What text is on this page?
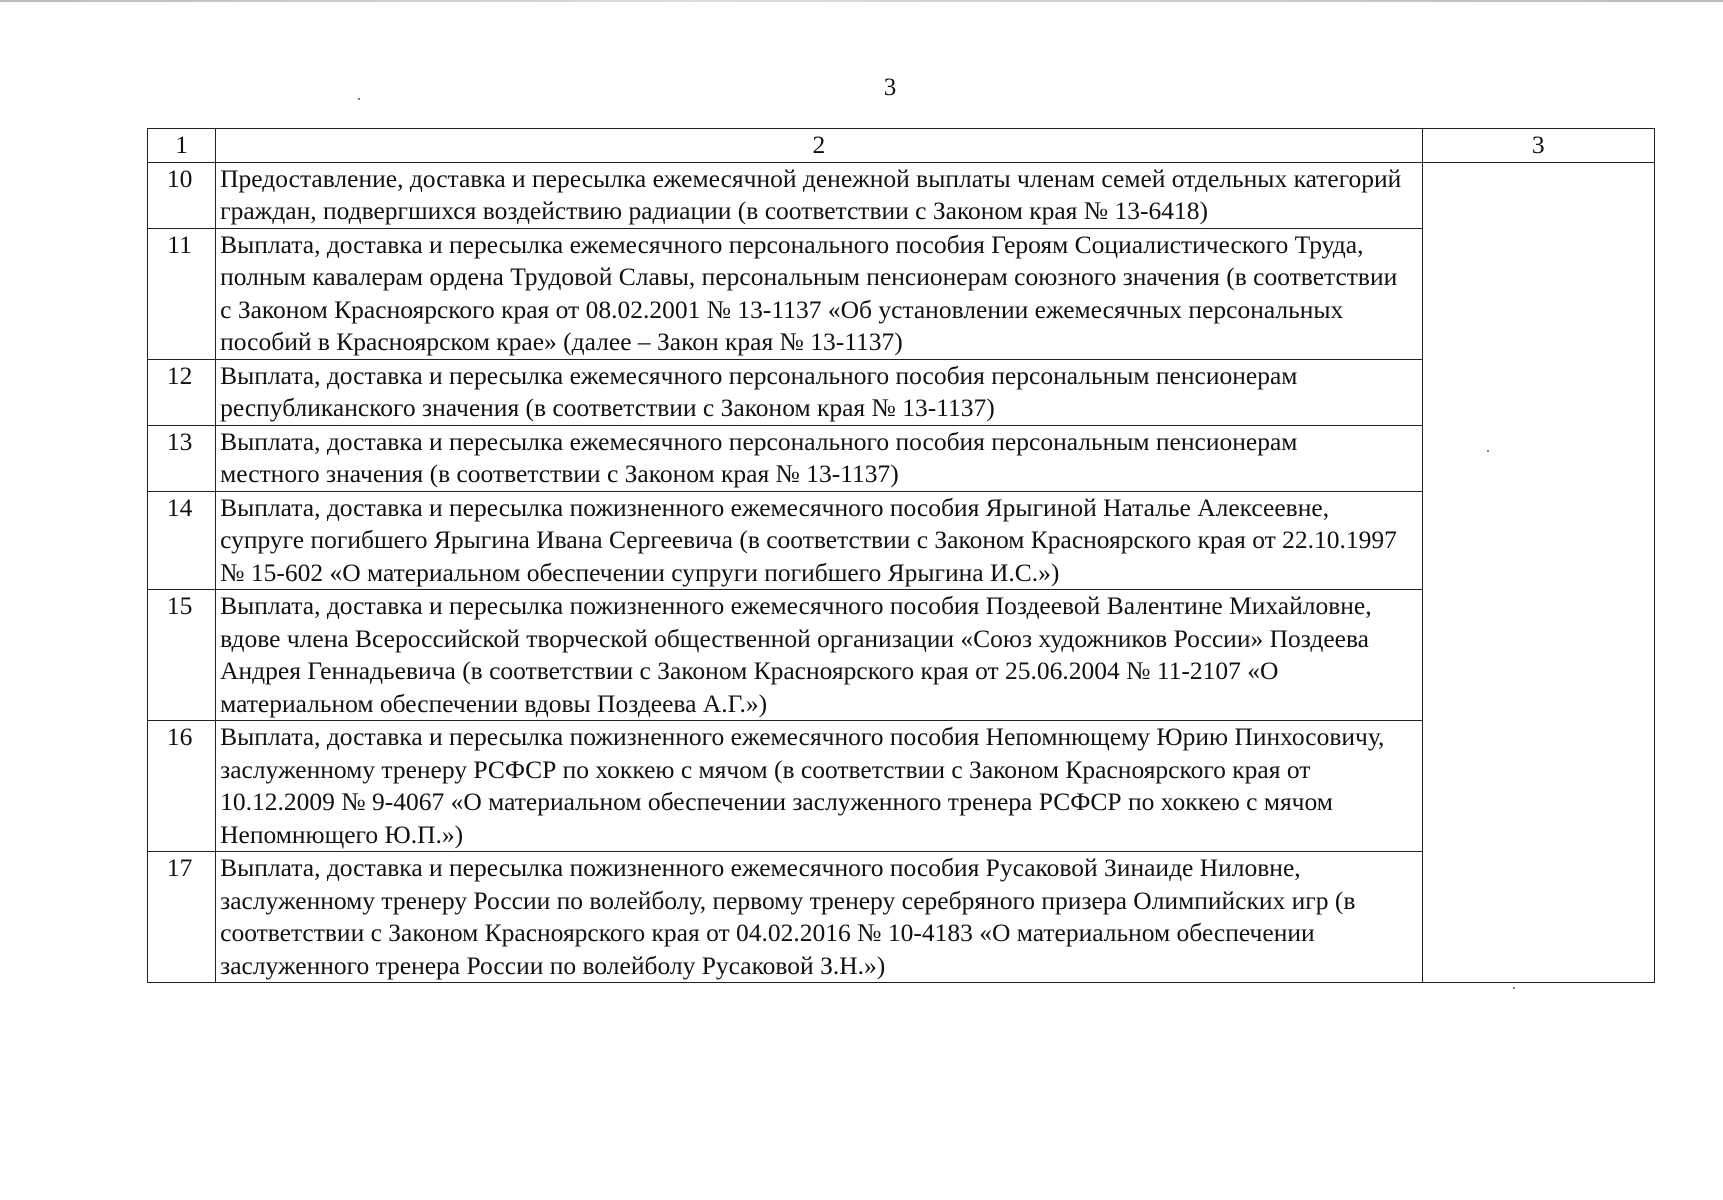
3
1	2	3
10	Предоставление, доставка и пересылка ежемесячной денежной выплаты членам семей отдельных категорий граждан, подвергшихся воздействию радиации (в соответствии с Законом края № 13-6418)	
11	Выплата, доставка и пересылка ежемесячного персонального пособия Героям Социалистического Труда, полным кавалерам ордена Трудовой Славы, персональным пенсионерам союзного значения (в соответствии с Законом Красноярского края от 08.02.2001 № 13-1137 «Об установлении ежемесячных персональных пособий в Красноярском крае» (далее – Закон края № 13-1137)	
12	Выплата, доставка и пересылка ежемесячного персонального пособия персональным пенсионерам республиканского значения (в соответствии с Законом края № 13-1137)	
13	Выплата, доставка и пересылка ежемесячного персонального пособия персональным пенсионерам местного значения (в соответствии с Законом края № 13-1137)	
14	Выплата, доставка и пересылка пожизненного ежемесячного пособия Ярыгиной Наталье Алексеевне, супруге погибшего Ярыгина Ивана Сергеевича (в соответствии с Законом Красноярского края от 22.10.1997 № 15-602 «О материальном обеспечении супруги погибшего Ярыгина И.С.»)	
15	Выплата, доставка и пересылка пожизненного ежемесячного пособия Поздеевой Валентине Михайловне, вдове члена Всероссийской творческой общественной организации «Союз художников России» Поздеева Андрея Геннадьевича (в соответствии с Законом Красноярского края от 25.06.2004 № 11-2107 «О материальном обеспечении вдовы Поздеева А.Г.»)	
16	Выплата, доставка и пересылка пожизненного ежемесячного пособия Непомнющему Юрию Пинхосовичу, заслуженному тренеру РСФСР по хоккею с мячом (в соответствии с Законом Красноярского края от 10.12.2009 № 9-4067 «О материальном обеспечении заслуженного тренера РСФСР по хоккею с мячом Непомнющего Ю.П.»)	
17	Выплата, доставка и пересылка пожизненного ежемесячного пособия Русаковой Зинаиде Ниловне, заслуженному тренеру России по волейболу, первому тренеру серебряного призера Олимпийских игр (в соответствии с Законом Красноярского края от 04.02.2016 № 10-4183 «О материальном обеспечении заслуженного тренера России по волейболу Русаковой З.Н.»)	
